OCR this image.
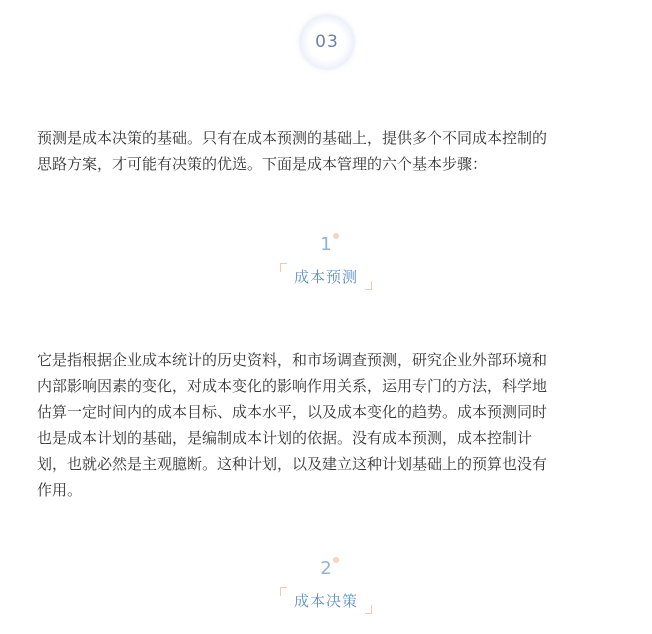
03

预测是成本决策的基础。只有在成本预测的基础上，提供多个不同成本控制的
思路方案，才可能有决策的优选。下面是成本管理的六个基本步骤：

1
成本预测

它是指根据企业成本统计的历史资料，和市场调查预测，研究企业外部环境和
内部影响因素的变化，对成本变化的影响作用关系，运用专门的方法，科学地
估算一定时间内的成本目标、成本水平，以及成本变化的趋势。成本预测同时
也是成本计划的基础，是编制成本计划的依据。没有成本预测，成本控制计
划，也就必然是主观臆断。这种计划，以及建立这种计划基础上的预算也没有
作用。

2
成本决策
